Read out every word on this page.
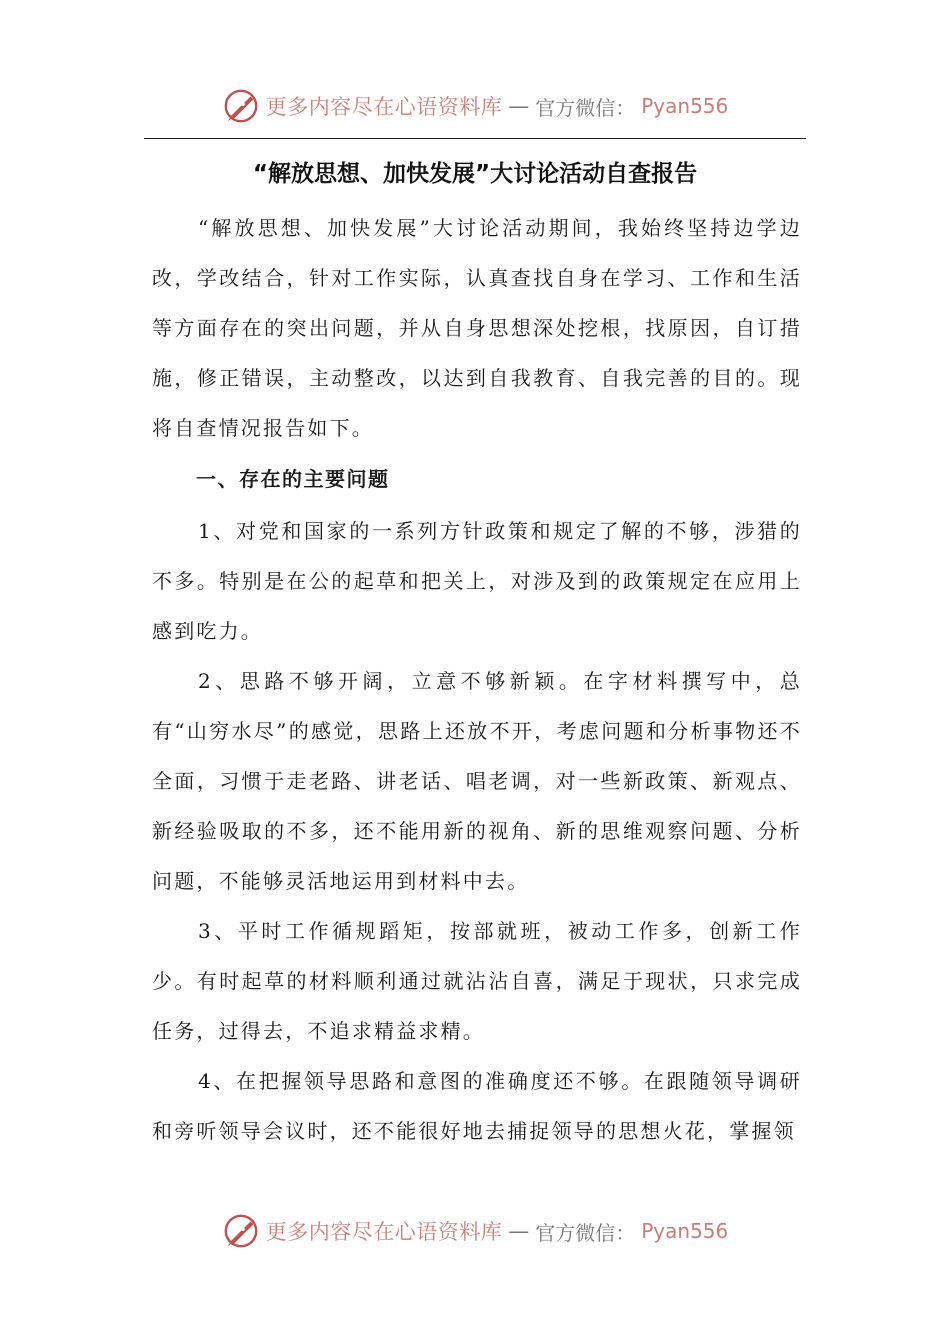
更多内容尽在心语资料库 — 官方微信： Pyan556
“解放思想、加快发展”大讨论活动自查报告

“解放思想、加快发展”大讨论活动期间，我始终坚持边学边改，学改结合，针对工作实际，认真查找自身在学习、工作和生活等方面存在的突出问题，并从自身思想深处挖根，找原因，自订措施，修正错误，主动整改，以达到自我教育、自我完善的目的。现将自查情况报告如下。

一、存在的主要问题

1、对党和国家的一系列方针政策和规定了解的不够，涉猎的不多。特别是在公的起草和把关上，对涉及到的政策规定在应用上感到吃力。

2、思路不够开阔，立意不够新颖。在字材料撰写中，总有“山穷水尽”的感觉，思路上还放不开，考虑问题和分析事物还不全面，习惯于走老路、讲老话、唱老调，对一些新政策、新观点、新经验吸取的不多，还不能用新的视角、新的思维观察问题、分析问题，不能够灵活地运用到材料中去。

3、平时工作循规蹈矩，按部就班，被动工作多，创新工作少。有时起草的材料顺利通过就沾沾自喜，满足于现状，只求完成任务，过得去，不追求精益求精。

4、在把握领导思路和意图的准确度还不够。在跟随领导调研和旁听领导会议时，还不能很好地去捕捉领导的思想火花，掌握领

更多内容尽在心语资料库 — 官方微信： Pyan556
